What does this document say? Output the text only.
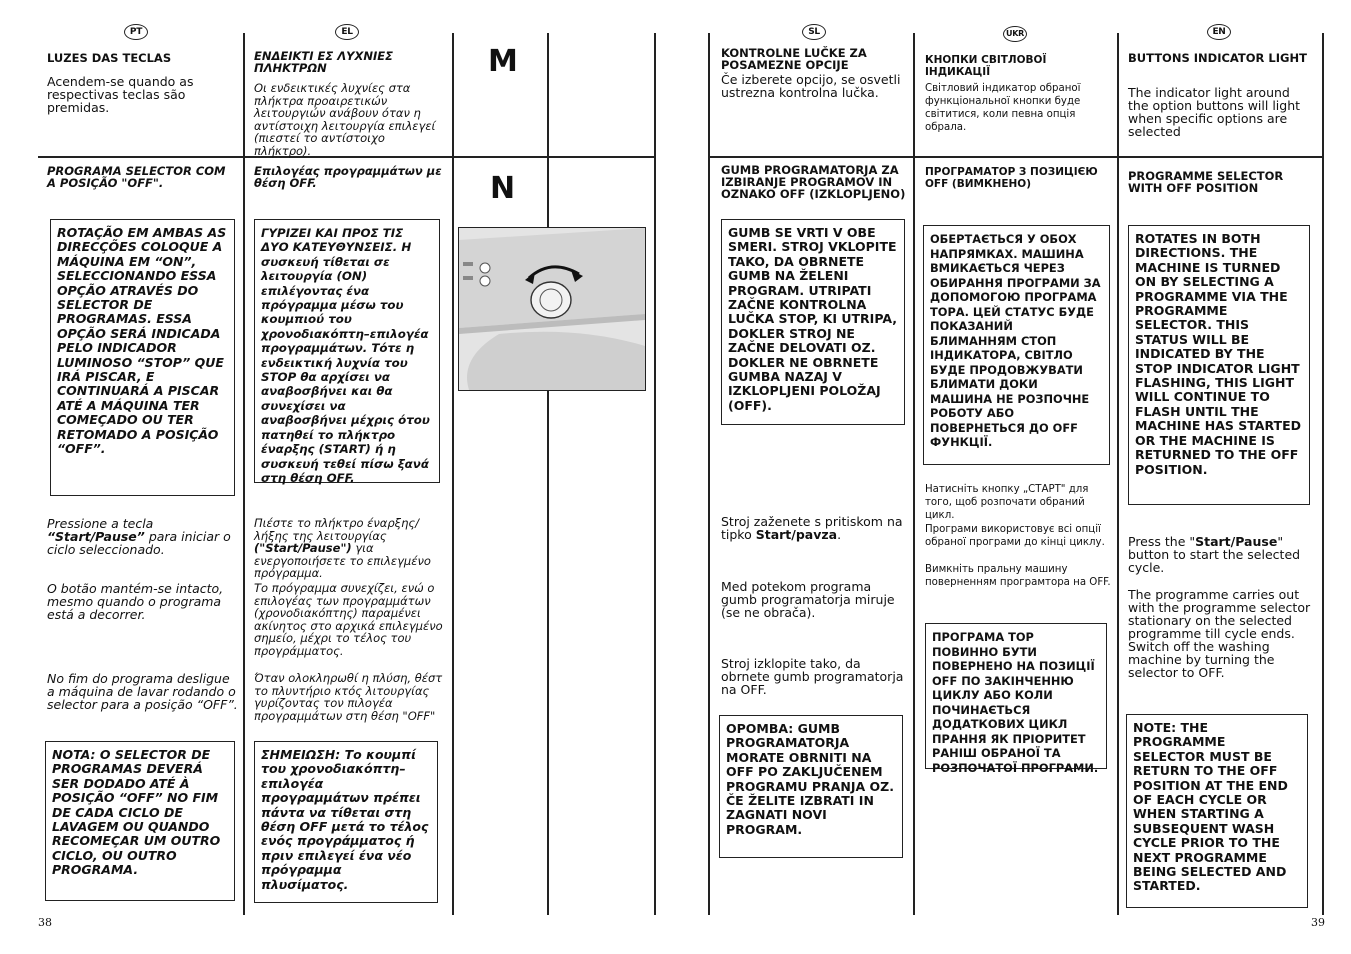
PT
LUZES DAS TECLAS
Acendem-se quando as respectivas teclas são premidas.
PROGRAMA SELECTOR COM A POSIÇÃO "OFF".
ROTAÇÃO EM AMBAS AS DIRECÇÕES COLOQUE A MÁQUINA EM “ON”, SELECCIONANDO ESSA OPÇÃO ATRAVÉS DO SELECTOR DE PROGRAMAS. ESSA OPÇÃO SERÁ INDICADA PELO INDICADOR LUMINOSO “STOP” QUE IRÁ PISCAR, E CONTINUARÁ A PISCAR ATÉ A MÁQUINA TER COMEÇADO OU TER RETOMADO A POSIÇÃO “OFF”.
Pressione a tecla
“Start/Pause” para iniciar o ciclo seleccionado.
O botão mantém-se intacto, mesmo quando o programa está a decorrer.
No fim do programa desligue a máquina de lavar rodando o selector para a posição “OFF”.
NOTA: O SELECTOR DE PROGRAMAS DEVERÁ SER DODADO ATÉ À POSIÇÃO “OFF” NO FIM DE CADA CICLO DE LAVAGEM OU QUANDO RECOMEÇAR UM OUTRO CICLO, OU OUTRO PROGRAMA.
38
EL
ΕΝΔΕΙΚΤΙ ΕΣ ΛΥΧΝΙΕΣ ΠΛΗΚΤΡΩΝ
Οι ενδεικτικές λυχνίες στα πλήκτρα προαιρετικών λειτουργιών ανάβουν όταν η αντίστοιχη λειτουργία επιλεγεί (πιεστεί το αντίστοιχο πλήκτρο).
Επιλογέας προγραμμάτων με θέση OFF.
ΓΥΡΙΖΕΙ ΚΑΙ ΠΡΟΣ ΤΙΣ ΔΥΟ ΚΑΤΕΥΘΥΝΣΕΙΣ. Η συσκευή τίθεται σε λειτουργία (ON) επιλέγοντας ένα πρόγραμμα μέσω του κουμπιού του χρονοδιακόπτη–επιλογέα προγραμμάτων. Τότε η ενδεικτική λυχνία του STOP θα αρχίσει να αναβοσβήνει και θα συνεχίσει να αναβοσβήνει μέχρις ότου πατηθεί το πλήκτρο έναρξης (START) ή η συσκευή τεθεί πίσω ξανά στη θέση OFF.
Πιέστε το πλήκτρο έναρξης/ λήξης της λειτουργίας ("Start/Pause") για ενεργοποιήσετε το επιλεγμένο πρόγραμμα.
Το πρόγραμμα συνεχίζει, ενώ ο επιλογέας των προγραμμάτων (χρονοδιακόπτης) παραμένει ακίνητος στο αρχικά επιλεγμένο σημείο, μέχρι το τέλος του προγράμματος.
Όταν ολοκληρωθί η πλύση, θέστ το πλυντήριο κτός λιτουργίας γυρίζοντας τον πιλογέα προγραμμάτων στη θέση "OFF"
ΣΗΜΕΙΩΣΗ: Το κουμπί του χρονοδιακόπτη– επιλογέα προγραμμάτων πρέπει πάντα να τίθεται στη θέση OFF μετά το τέλος ενός προγράμματος ή πριν επιλεγεί ένα νέο πρόγραμμα πλυσίματος.
M
N
SL
KONTROLNE LUČKE ZA POSAMEZNE OPCIJE
Če izberete opcijo, se osvetli ustrezna kontrolna lučka.
GUMB PROGRAMATORJA ZA IZBIRANJE PROGRAMOV IN OZNAKO OFF (IZKLOPLJENO)
GUMB SE VRTI V OBE SMERI. STROJ VKLOPITE TAKO, DA OBRNETE GUMB NA ŽELENI PROGRAM. UTRIPATI ZAČNE KONTROLNA LUČKA STOP, KI UTRIPA, DOKLER STROJ NE ZAČNE DELOVATI OZ. DOKLER NE OBRNETE GUMBA NAZAJ V IZKLOPLJENI POLOŽAJ (OFF).
Stroj zaženete s pritiskom na tipko Start/pavza.
Med potekom programa gumb programatorja miruje (se ne obrača).
Stroj izklopite tako, da obrnete gumb programatorja na OFF.
OPOMBA: GUMB PROGRAMATORJA MORATE OBRNITI NA OFF PO ZAKLJUČENEM PROGRAMU PRANJA OZ. ČE ŽELITE IZBRATI IN ZAGNATI NOVI PROGRAM.
UKR
КНОПКИ СВІТЛОВОЇ ІНДИКАЦІЇ
Світловий індикатор обраної функціональної кнопки буде світитися, коли певна опція обрала.
ПРОГРАМАТОР З ПОЗИЦІЄЮ OFF (ВИМКНЕНО)
ОБЕРТАЄТЬСЯ У ОБОХ НАПРЯМКАХ. МАШИНА ВМИКАЄТЬСЯ ЧЕРЕЗ ОБИРАННЯ ПРОГРАМИ ЗА ДОПОМОГОЮ ПРОГРАМА ТОРА. ЦЕЙ СТАТУС БУДЕ ПОКАЗАНИЙ БЛИМАННЯМ СТОП ІНДИКАТОРА, СВІТЛО БУДЕ ПРОДОВЖУВАТИ БЛИМАТИ ДОКИ МАШИНА НЕ РОЗПОЧНЕ РОБОТУ АБО ПОВЕРНЕТЬСЯ ДО OFF ФУНКЦІЇ.
Натисніть кнопку „СТАРТ" для того, щоб розпочати обраний цикл.
Програми використовує всі опції обраної програми до кінці циклу.
Вимкніть пральну машину поверненням програмтора на OFF.
ПРОГРАМА ТОР ПОВИННО БУТИ ПОВЕРНЕНО НА ПОЗИЦІЇ OFF ПО ЗАКІНЧЕННЮ ЦИКЛУ АБО КОЛИ ПОЧИНАЄТЬСЯ ДОДАТКОВИХ ЦИКЛ ПРАННЯ ЯК ПРІОРИТЕТ РАНІШ ОБРАНОЇ ТА РОЗПОЧАТОЇ ПРОГРАМИ.
EN
BUTTONS INDICATOR LIGHT
The indicator light around the option buttons will light when specific options are selected
PROGRAMME SELECTOR WITH OFF POSITION
ROTATES IN BOTH DIRECTIONS. THE MACHINE IS TURNED ON BY SELECTING A PROGRAMME VIA THE PROGRAMME SELECTOR. THIS STATUS WILL BE INDICATED BY THE STOP INDICATOR LIGHT FLASHING, THIS LIGHT WILL CONTINUE TO FLASH UNTIL THE MACHINE HAS STARTED OR THE MACHINE IS RETURNED TO THE OFF POSITION.
Press the "Start/Pause" button to start the selected cycle.
The programme carries out with the programme selector stationary on the selected programme till cycle ends. Switch off the washing machine by turning the selector to OFF.
NOTE: THE PROGRAMME SELECTOR MUST BE RETURN TO THE OFF POSITION AT THE END OF EACH CYCLE OR WHEN STARTING A SUBSEQUENT WASH CYCLE PRIOR TO THE NEXT PROGRAMME BEING SELECTED AND STARTED.
39
